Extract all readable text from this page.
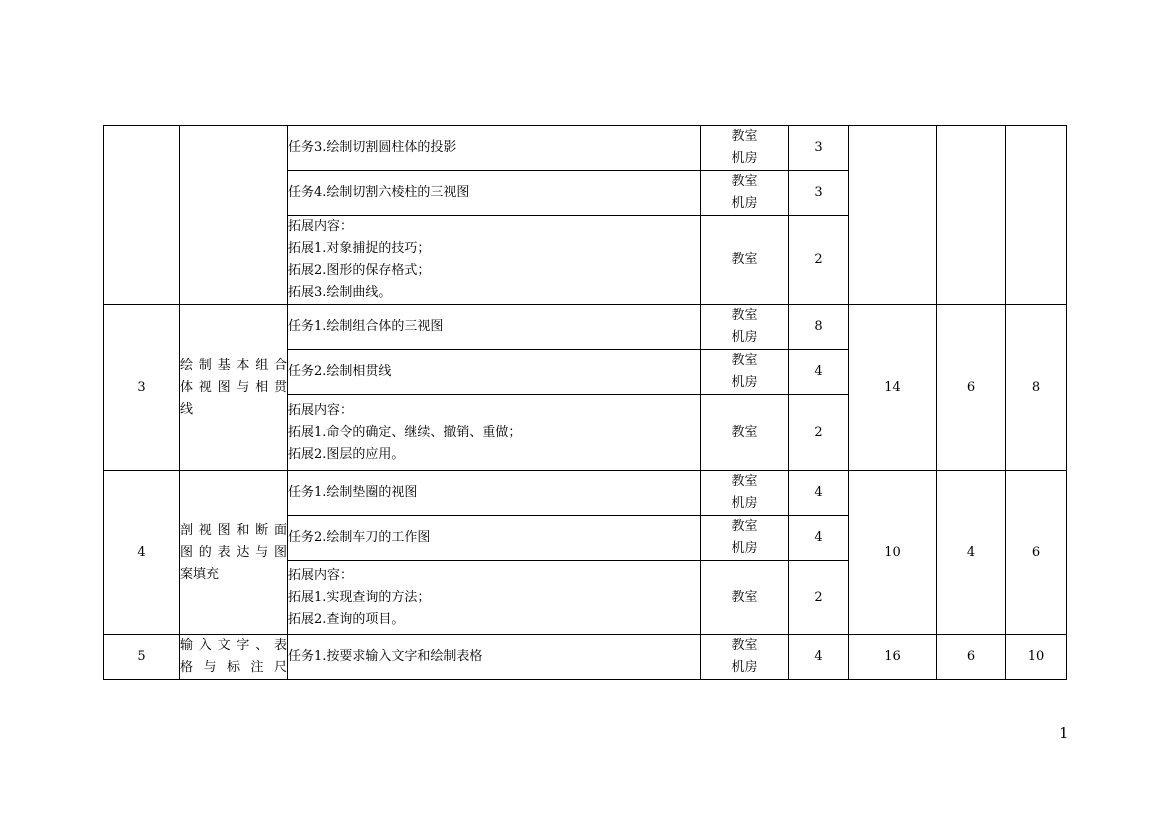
		任务3.绘制切割圆柱体的投影	教室
机房	3			

		任务4.绘制切割六棱柱的三视图	教室
机房	3			

		拓展内容：
拓展1.对象捕捉的技巧；
拓展2.图形的保存格式；
拓展3.绘制曲线。	教室	2			
3	绘制基本组合
体视图与相贯
线	任务1.绘制组合体的三视图	教室
机房	8	14	6	8

		任务2.绘制相贯线	教室
机房	4			

		拓展内容：
拓展1.命令的确定、继续、撤销、重做；
拓展2.图层的应用。	教室	2			
4	剖视图和断面
图的表达与图
案填充	任务1.绘制垫圈的视图	教室
机房	4	10	4	6

		任务2.绘制车刀的工作图	教室
机房	4			

		拓展内容：
拓展1.实现查询的方法；
拓展2.查询的项目。	教室	2			
5	输入文字、表
格与标注尺	任务1.按要求输入文字和绘制表格	教室
机房	4	16	6	10
1
